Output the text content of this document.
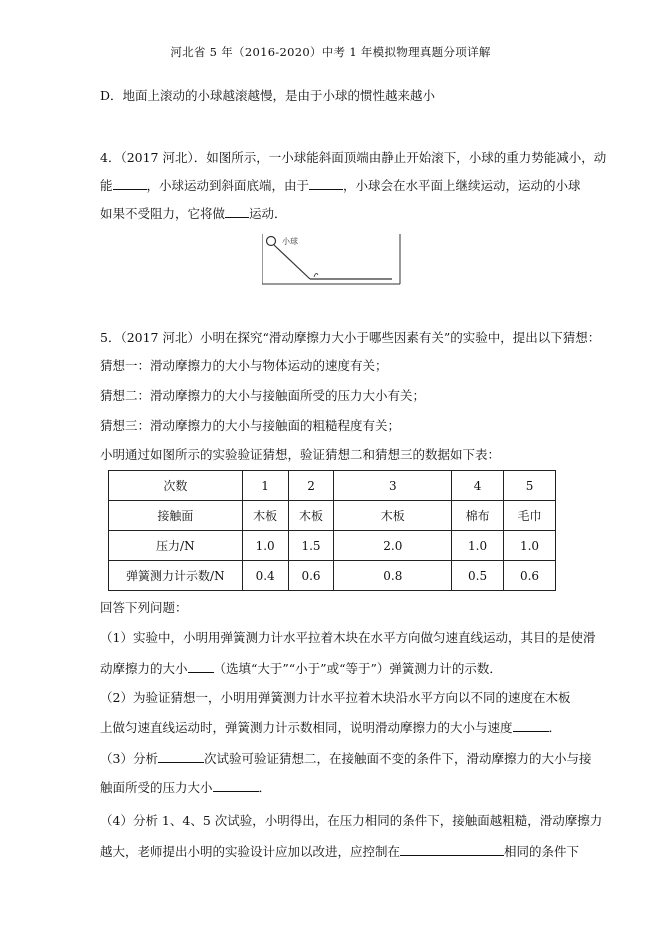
河北省 5 年（2016-2020）中考 1 年模拟物理真题分项详解
D．地面上滚动的小球越滚越慢，是由于小球的惯性越来越小
4．（2017 河北）．如图所示，一小球能斜面顶端由静止开始滚下，小球的重力势能减小，动
能	，小球运动到斜面底端，由于	，小球会在水平面上继续运动，运动的小球
如果不受阻力，它将做 运动．
小球
5．（2017 河北）小明在探究“滑动摩擦力大小于哪些因素有关”的实验中，提出以下猜想：
猜想一：滑动摩擦力的大小与物体运动的速度有关；
猜想二：滑动摩擦力的大小与接触面所受的压力大小有关；
猜想三：滑动摩擦力的大小与接触面的粗糙程度有关；
小明通过如图所示的实验验证猜想，验证猜想二和猜想三的数据如下表：
次数	1	2	3	4	5
接触面	木板	木板	木板	棉布	毛巾
压力/N	1.0	1.5	2.0	1.0	1.0
弹簧测力计示数/N	0.4	0.6	0.8	0.5	0.6
回答下列问题：
（1）实验中，小明用弹簧测力计水平拉着木块在水平方向做匀速直线运动，其目的是使滑
动摩擦力的大小 （选填“大于”“小于”或“等于”）弹簧测力计的示数．
（2）为验证猜想一，小明用弹簧测力计水平拉着木块沿水平方向以不同的速度在木板
上做匀速直线运动时，弹簧测力计示数相同，说明滑动摩擦力的大小与速度	．
（3）分析	次试验可验证猜想二，在接触面不变的条件下，滑动摩擦力的大小与接
触面所受的压力大小	．
（4）分析 1、4、5 次试验，小明得出，在压力相同的条件下，接触面越粗糙，滑动摩擦力
越大，老师提出小明的实验设计应加以改进，应控制在	相同的条件下
